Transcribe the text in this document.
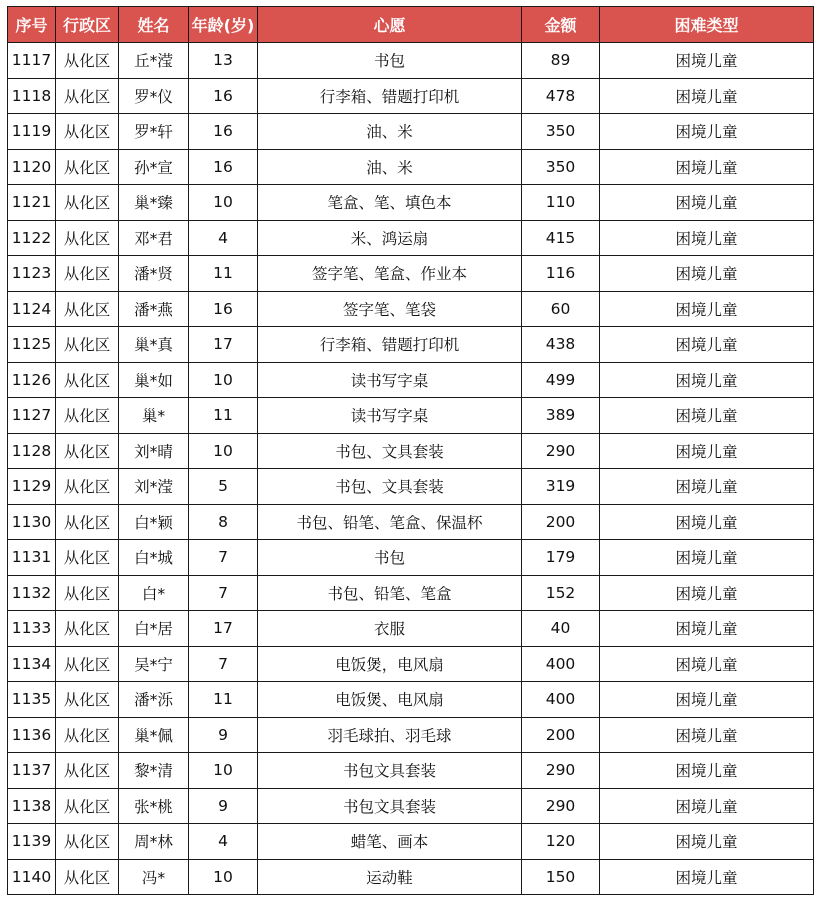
序号	行政区	姓名	年龄(岁)	心愿	金额	困难类型
1117	从化区	丘*滢	13	书包	89	困境儿童
1118	从化区	罗*仪	16	行李箱、错题打印机	478	困境儿童
1119	从化区	罗*轩	16	油、米	350	困境儿童
1120	从化区	孙*宣	16	油、米	350	困境儿童
1121	从化区	巢*臻	10	笔盒、笔、填色本	110	困境儿童
1122	从化区	邓*君	4	米、鸿运扇	415	困境儿童
1123	从化区	潘*贤	11	签字笔、笔盒、作业本	116	困境儿童
1124	从化区	潘*燕	16	签字笔、笔袋	60	困境儿童
1125	从化区	巢*真	17	行李箱、错题打印机	438	困境儿童
1126	从化区	巢*如	10	读书写字桌	499	困境儿童
1127	从化区	巢*	11	读书写字桌	389	困境儿童
1128	从化区	刘*晴	10	书包、文具套装	290	困境儿童
1129	从化区	刘*滢	5	书包、文具套装	319	困境儿童
1130	从化区	白*颖	8	书包、铅笔、笔盒、保温杯	200	困境儿童
1131	从化区	白*城	7	书包	179	困境儿童
1132	从化区	白*	7	书包、铅笔、笔盒	152	困境儿童
1133	从化区	白*居	17	衣服	40	困境儿童
1134	从化区	吴*宁	7	电饭煲，电风扇	400	困境儿童
1135	从化区	潘*泺	11	电饭煲、电风扇	400	困境儿童
1136	从化区	巢*佩	9	羽毛球拍、羽毛球	200	困境儿童
1137	从化区	黎*清	10	书包文具套装	290	困境儿童
1138	从化区	张*桃	9	书包文具套装	290	困境儿童
1139	从化区	周*林	4	蜡笔、画本	120	困境儿童
1140	从化区	冯*	10	运动鞋	150	困境儿童
